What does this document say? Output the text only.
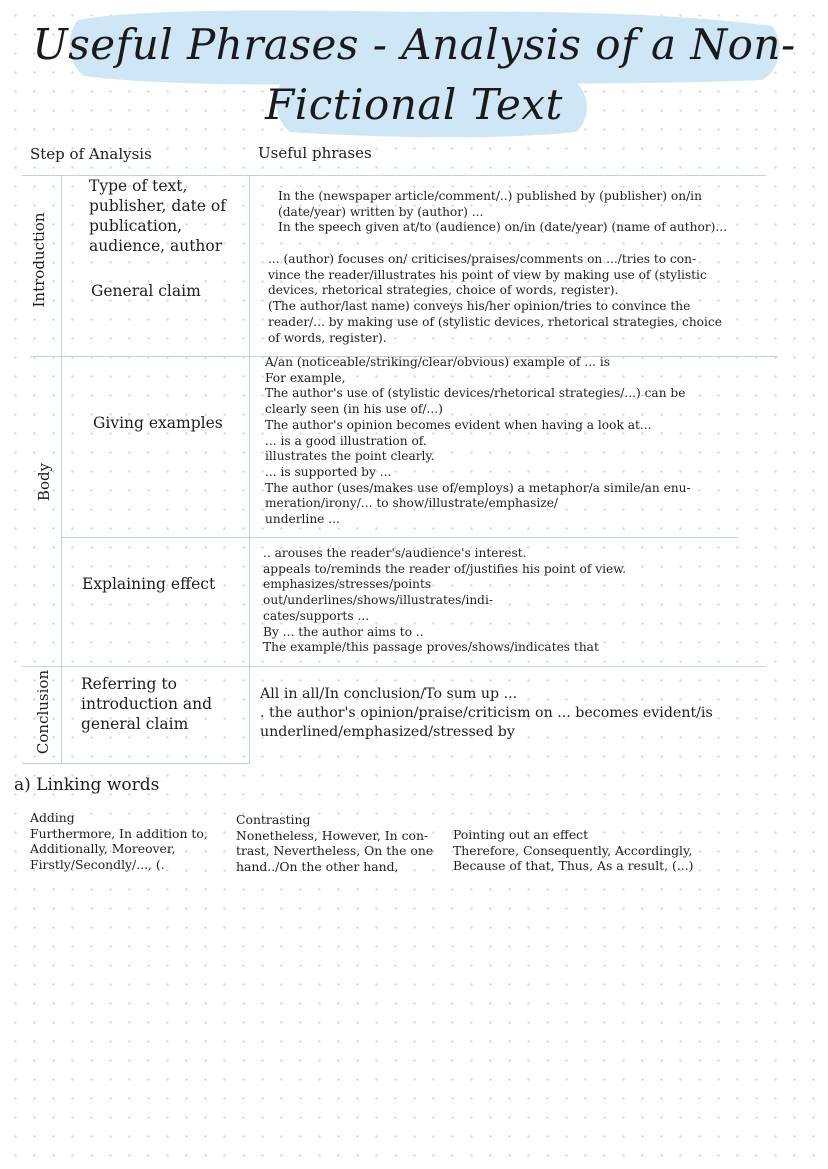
Useful Phrases - Analysis of a Non-
Fictional Text
Step of Analysis	Useful phrases
Introduction
Body
Conclusion
Type of text,
publisher, date of
publication,
audience, author
In the (newspaper article/comment/..) published by (publisher) on/in
(date/year) written by (author) ...
In the speech given at/to (audience) on/in (date/year) (name of author)...
General claim
... (author) focuses on/ criticises/praises/comments on .../tries to con-
vince the reader/illustrates his point of view by making use of (stylistic
devices, rhetorical strategies, choice of words, register).
(The author/last name) conveys his/her opinion/tries to convince the
reader/... by making use of (stylistic devices, rhetorical strategies, choice
of words, register).
Giving examples
A/an (noticeable/striking/clear/obvious) example of ... is
For example,
The author's use of (stylistic devices/rhetorical strategies/...) can be
clearly seen (in his use of/...)
The author's opinion becomes evident when having a look at...
... is a good illustration of.
illustrates the point clearly.
... is supported by ...
The author (uses/makes use of/employs) a metaphor/a simile/an enu-
meration/irony/... to show/illustrate/emphasize/
underline ...
Explaining effect
.. arouses the reader's/audience's interest.
appeals to/reminds the reader of/justifies his point of view.
emphasizes/stresses/points
out/underlines/shows/illustrates/indi-
cates/supports ...
By ... the author aims to ..
The example/this passage proves/shows/indicates that
Referring to
introduction and
general claim
All in all/In conclusion/To sum up ...
. the author's opinion/praise/criticism on ... becomes evident/is
underlined/emphasized/stressed by
a) Linking words
Adding
Furthermore, In addition to,
Additionally, Moreover,
Firstly/Secondly/..., (.
Contrasting
Nonetheless, However, In con-
trast, Nevertheless, On the one
hand../On the other hand,
Pointing out an effect
Therefore, Consequently, Accordingly,
Because of that, Thus, As a result, (...)
